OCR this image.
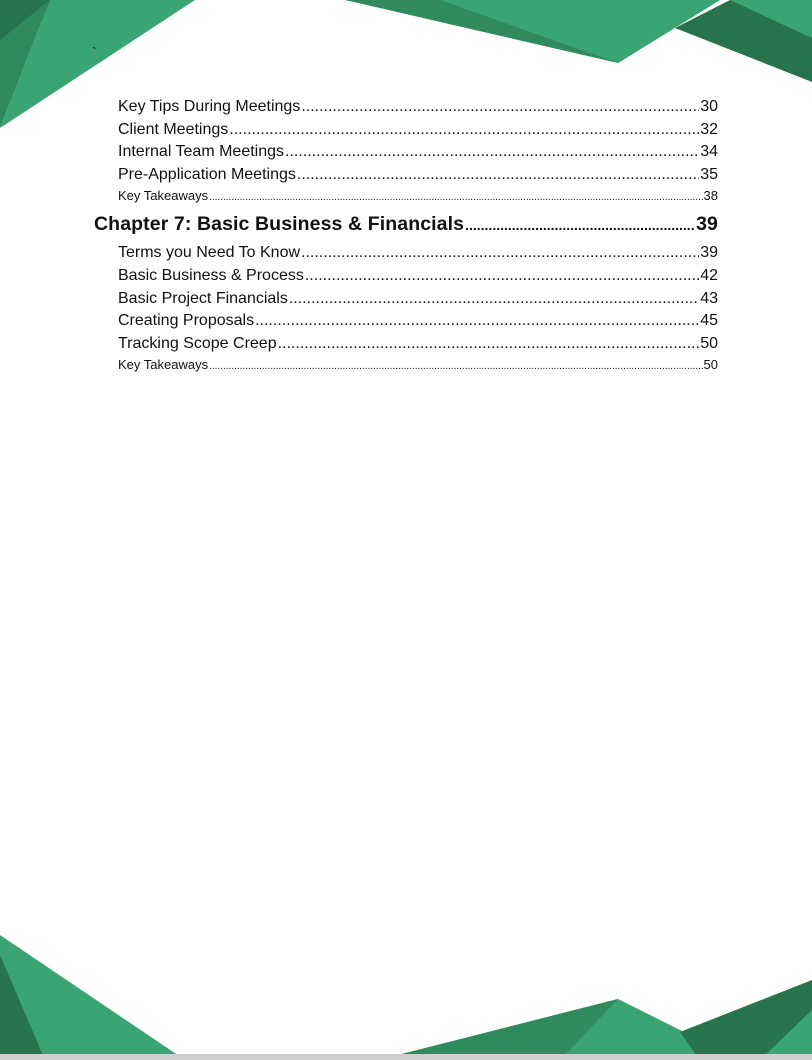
`
Key Tips During Meetings .....	30
Client Meetings .....	32
Internal Team Meetings .....	34
Pre-Application Meetings .....	35
Key Takeaways .....	38
Chapter 7: Basic Business & Financials .....	39
Terms you Need To Know .....	39
Basic Business & Process .....	42
Basic Project Financials .....	43
Creating Proposals .....	45
Tracking Scope Creep .....	50
Key Takeaways .....	50
